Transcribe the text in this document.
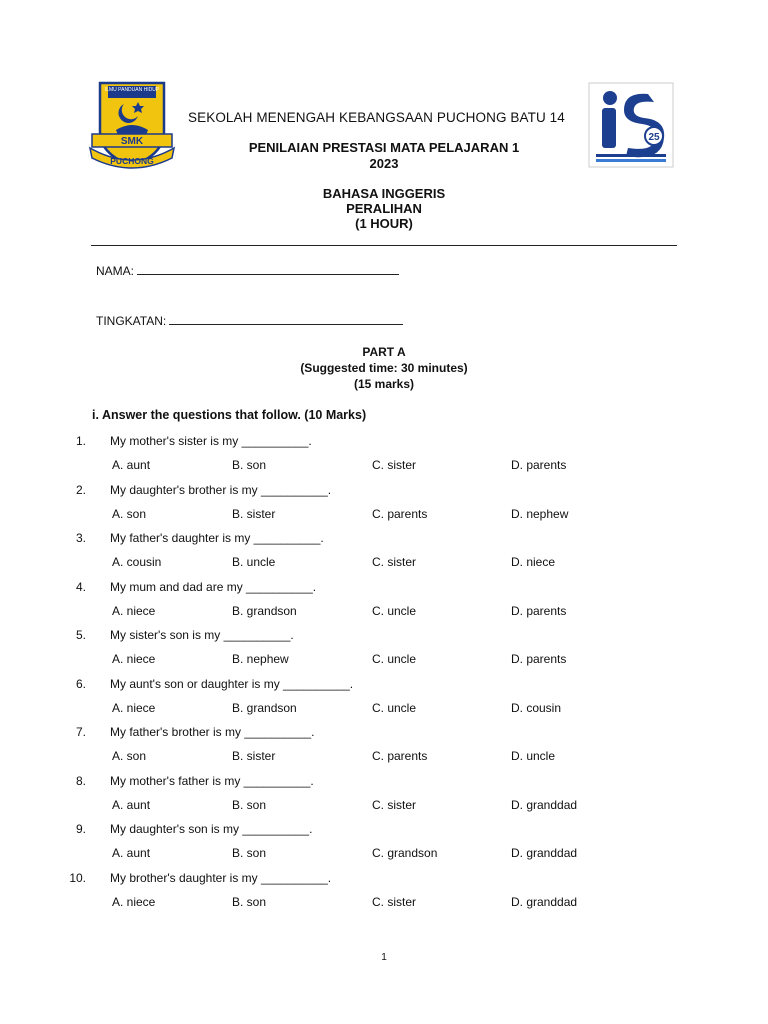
ILMU PANDUAN HIDUP
SMK
PUCHONG
25
SEKOLAH MENENGAH KEBANGSAAN PUCHONG BATU 14
PENILAIAN PRESTASI MATA PELAJARAN 1
2023
BAHASA INGGERIS
PERALIHAN
(1 HOUR)
NAMA:
TINGKATAN:
PART A
(Suggested time: 30 minutes)
(15 marks)
i. Answer the questions that follow. (10 Marks)
1. My mother's sister is my __________.
A. aunt	B. son	C. sister	D. parents
2. My daughter's brother is my __________.
A. son	B. sister	C. parents	D. nephew
3. My father's daughter is my __________.
A. cousin	B. uncle	C. sister	D. niece
4. My mum and dad are my __________.
A. niece	B. grandson	C. uncle	D. parents
5. My sister's son is my __________.
A. niece	B. nephew	C. uncle	D. parents
6. My aunt's son or daughter is my __________.
A. niece	B. grandson	C. uncle	D. cousin
7. My father's brother is my __________.
A. son	B. sister	C. parents	D. uncle
8. My mother's father is my __________.
A. aunt	B. son	C. sister	D. granddad
9. My daughter's son is my __________.
A. aunt	B. son	C. grandson	D. granddad
10. My brother's daughter is my __________.
A. niece	B. son	C. sister	D. granddad
1
